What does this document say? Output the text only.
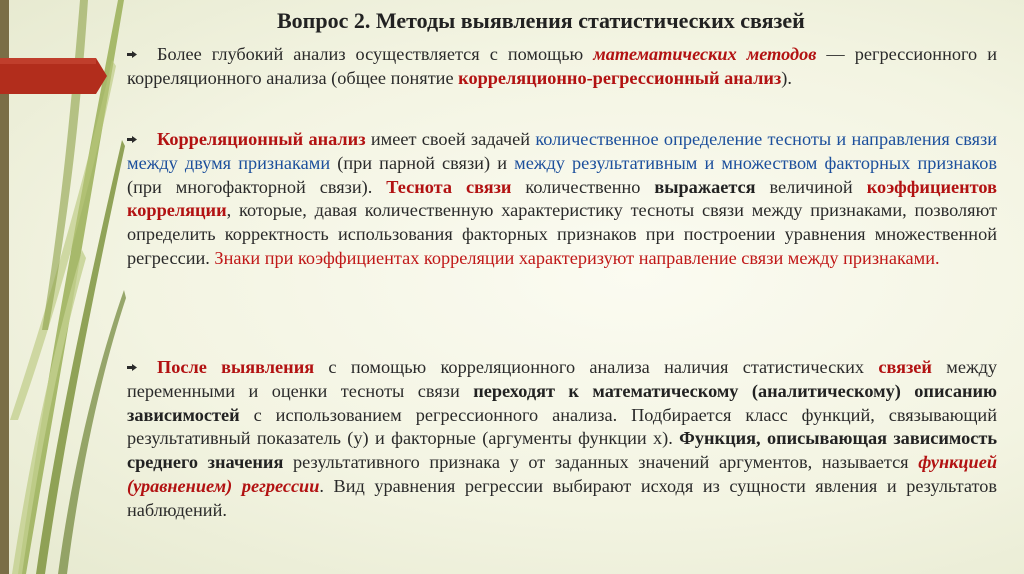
Вопрос 2. Методы выявления статистических связей
Более глубокий анализ осуществляется с помощью математических методов — регрессионного и корреляционного анализа (общее понятие корреляционно-регрессионный анализ).
Корреляционный анализ имеет своей задачей количественное определение тесноты и направления связи между двумя признаками (при парной связи) и между результативным и множеством факторных признаков (при многофакторной связи). Теснота связи количественно выражается величиной коэффициентов корреляции, которые, давая количественную характеристику тесноты связи между признаками, позволяют определить корректность использования факторных признаков при построении уравнения множественной регрессии. Знаки при коэффициентах корреляции характеризуют направление связи между признаками.
После выявления с помощью корреляционного анализа наличия статистических связей между переменными и оценки тесноты связи переходят к математическому (аналитическому) описанию зависимостей с использованием регрессионного анализа. Подбирается класс функций, связывающий результативный показатель (у) и факторные (аргументы функции х). Функция, описывающая зависимость среднего значения результативного признака у от заданных значений аргументов, называется функцией (уравнением) регрессии. Вид уравнения регрессии выбирают исходя из сущности явления и результатов наблюдений.
